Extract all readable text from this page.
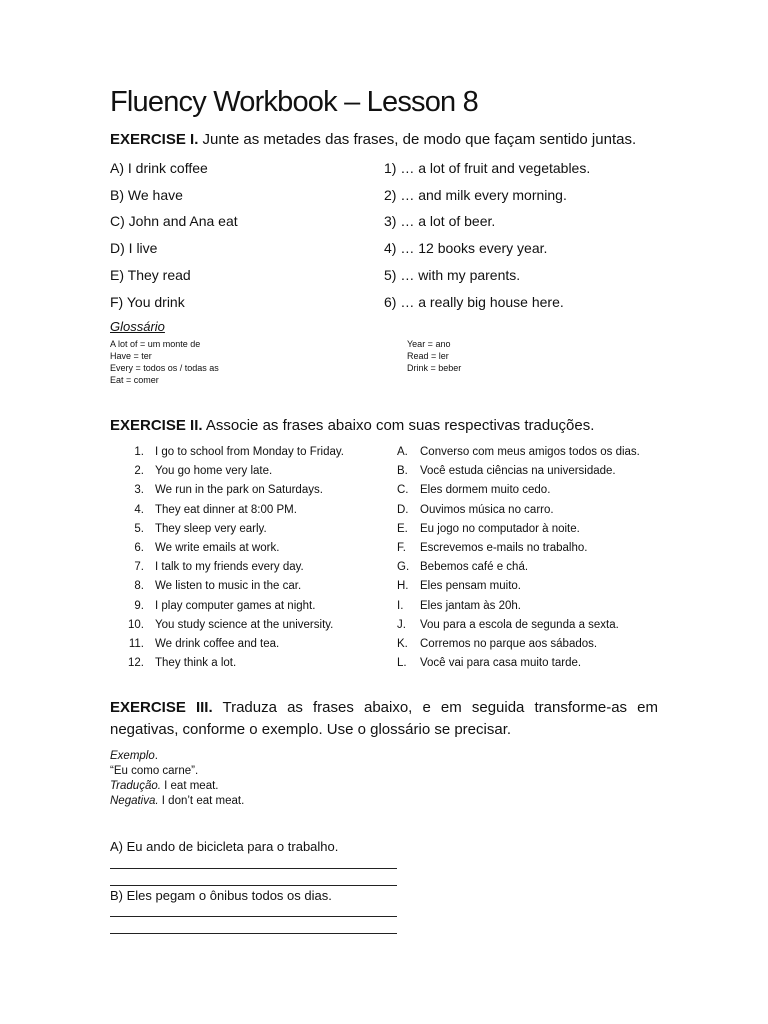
Fluency Workbook – Lesson 8
EXERCISE I. Junte as metades das frases, de modo que façam sentido juntas.
A) I drink coffee
B) We have
C) John and Ana eat
D) I live
E) They read
F) You drink
1) … a lot of fruit and vegetables.
2) … and milk every morning.
3) … a lot of beer.
4) … 12 books every year.
5) … with my parents.
6) … a really big house here.
Glossário
A lot of = um monte de
Have = ter
Every = todos os / todas as
Eat = comer
Year = ano
Read = ler
Drink = beber
EXERCISE II. Associe as frases abaixo com suas respectivas traduções.
1. I go to school from Monday to Friday.	A. Converso com meus amigos todos os dias.
2. You go home very late.	B. Você estuda ciências na universidade.
3. We run in the park on Saturdays.	C. Eles dormem muito cedo.
4. They eat dinner at 8:00 PM.	D. Ouvimos música no carro.
5. They sleep very early.	E. Eu jogo no computador à noite.
6. We write emails at work.	F. Escrevemos e-mails no trabalho.
7. I talk to my friends every day.	G. Bebemos café e chá.
8. We listen to music in the car.	H. Eles pensam muito.
9. I play computer games at night.	I. Eles jantam às 20h.
10. You study science at the university.	J. Vou para a escola de segunda a sexta.
11. We drink coffee and tea.	K. Corremos no parque aos sábados.
12. They think a lot.	L. Você vai para casa muito tarde.
EXERCISE III. Traduza as frases abaixo, e em seguida transforme-as em negativas, conforme o exemplo. Use o glossário se precisar.
Exemplo.
“Eu como carne”.
Tradução. I eat meat.
Negativa. I don’t eat meat.
A) Eu ando de bicicleta para o trabalho.
B) Eles pegam o ônibus todos os dias.
